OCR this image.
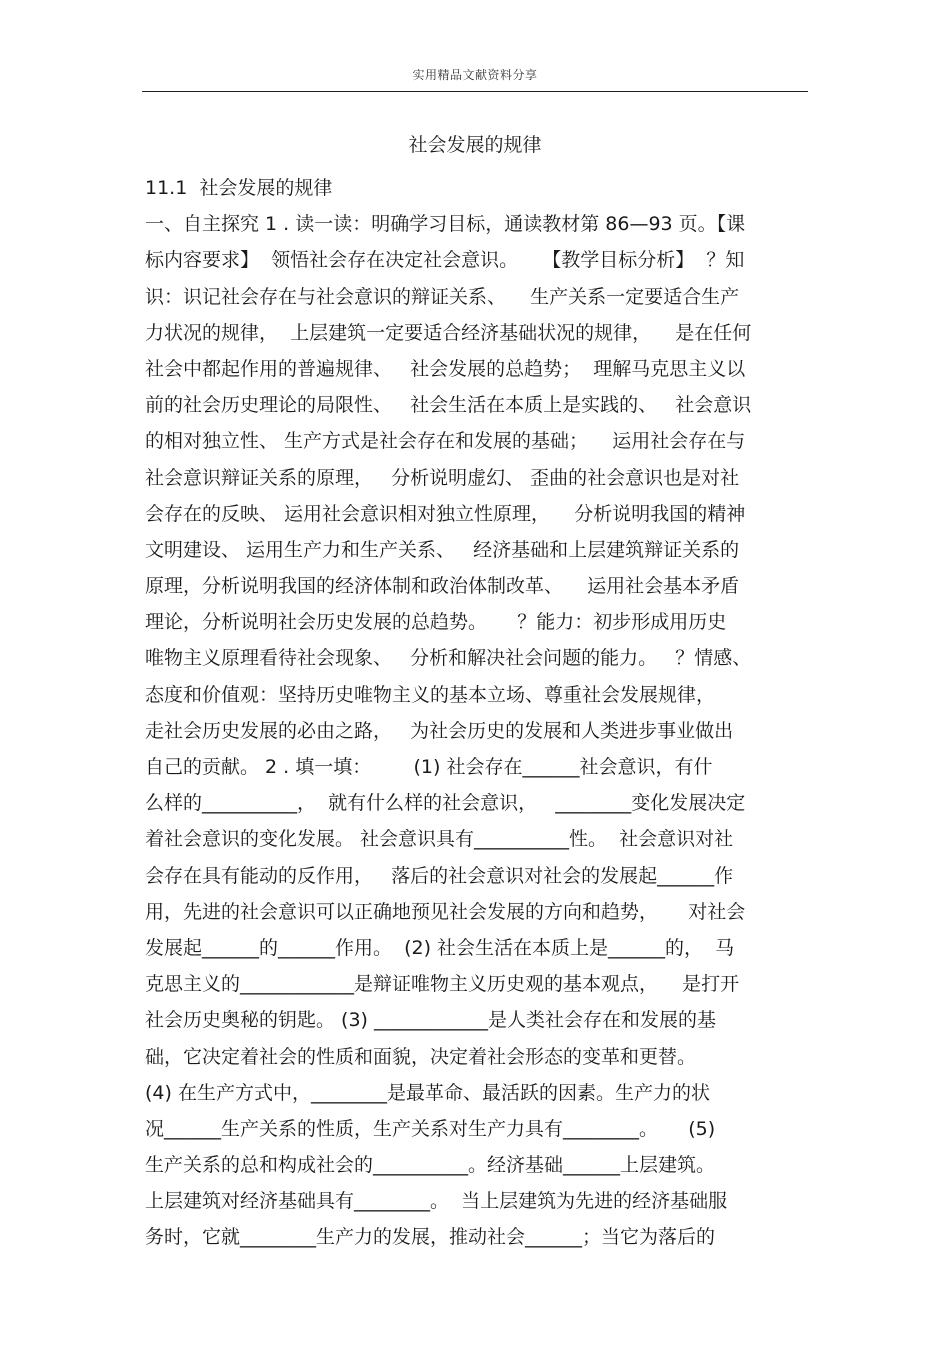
实用精品文献资料分享
社会发展的规律
11.1  社会发展的规律
一、自主探究 1 . 读一读：明确学习目标，通读教材第 86—93 页。【课
标内容要求】  领悟社会存在决定社会意识。    【教学目标分析】  ？知
识：识记社会存在与社会意识的辩证关系、    生产关系一定要适合生产
力状况的规律，  上层建筑一定要适合经济基础状况的规律，    是在任何
社会中都起作用的普遍规律、   社会发展的总趋势；  理解马克思主义以
前的社会历史理论的局限性、   社会生活在本质上是实践的、   社会意识
的相对独立性、 生产方式是社会存在和发展的基础；    运用社会存在与
社会意识辩证关系的原理，   分析说明虚幻、 歪曲的社会意识也是对社
会存在的反映、 运用社会意识相对独立性原理，    分析说明我国的精神
文明建设、 运用生产力和生产关系、   经济基础和上层建筑辩证关系的
原理，分析说明我国的经济体制和政治体制改革、    运用社会基本矛盾
理论，分析说明社会历史发展的总趋势。     ？能力：初步形成用历史
唯物主义原理看待社会现象、   分析和解决社会问题的能力。   ？情感、
态度和价值观：坚持历史唯物主义的基本立场、尊重社会发展规律，
走社会历史发展的必由之路，   为社会历史的发展和人类进步事业做出
自己的贡献。 2 . 填一填：       (1) 社会存在______社会意识，有什
么样的__________，  就有什么样的社会意识，   ________变化发展决定
着社会意识的变化发展。 社会意识具有__________性。  社会意识对社
会存在具有能动的反作用，   落后的社会意识对社会的发展起______作
用，先进的社会意识可以正确地预见社会发展的方向和趋势，     对社会
发展起______的______作用。  (2) 社会生活在本质上是______的，  马
克思主义的____________是辩证唯物主义历史观的基本观点，    是打开
社会历史奥秘的钥匙。 (3) ____________是人类社会存在和发展的基
础，它决定着社会的性质和面貌，决定着社会形态的变革和更替。
(4) 在生产方式中，________是最革命、最活跃的因素。生产力的状
况______生产关系的性质，生产关系对生产力具有________。     (5)
生产关系的总和构成社会的__________。经济基础______上层建筑。
上层建筑对经济基础具有________。  当上层建筑为先进的经济基础服
务时，它就________生产力的发展，推动社会______；当它为落后的
